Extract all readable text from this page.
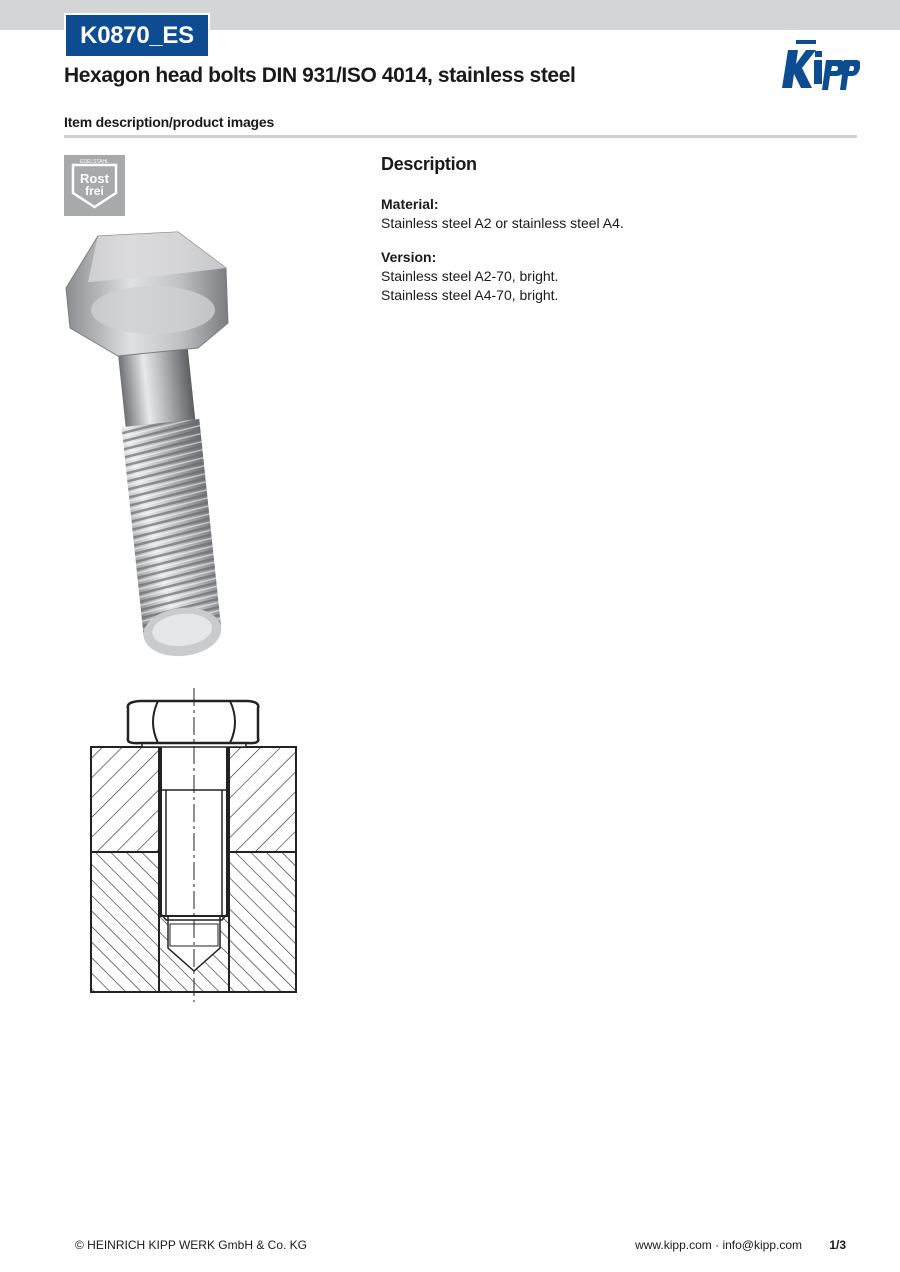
K0870_ES
Hexagon head bolts DIN 931/ISO 4014, stainless steel
Item description/product images
EDELSTAHL
Rost
frei
Description
Material:
Stainless steel A2 or stainless steel A4.
Version:
Stainless steel A2-70, bright.
Stainless steel A4-70, bright.
© HEINRICH KIPP WERK GmbH & Co. KG	www.kipp.com · info@kipp.com 1/3
